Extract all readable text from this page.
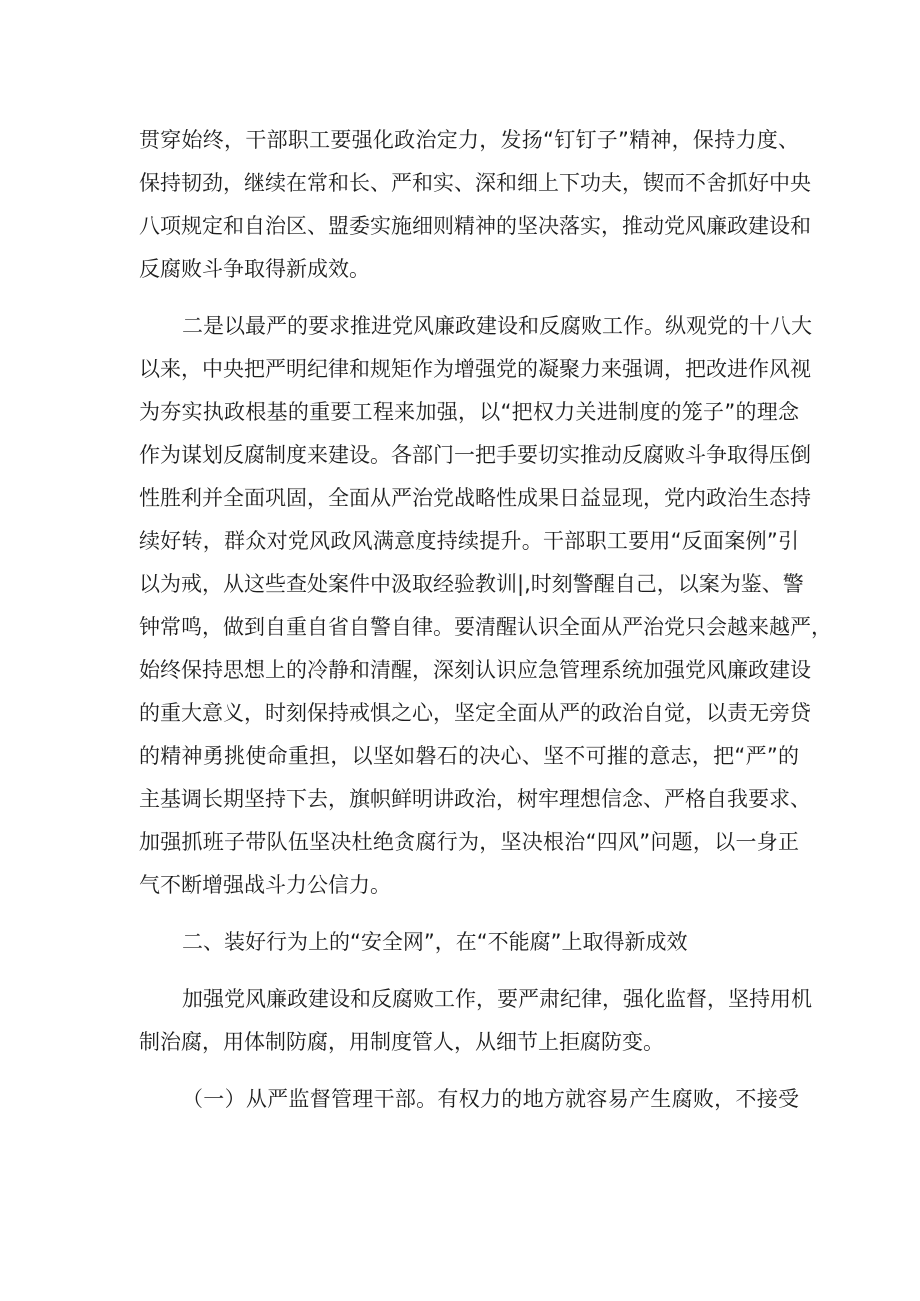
贯穿始终，干部职工要强化政治定力，发扬“钉钉子”精神，保持力度、
保持韧劲，继续在常和长、严和实、深和细上下功夫，锲而不舍抓好中央
八项规定和自治区、盟委实施细则精神的坚决落实，推动党风廉政建设和
反腐败斗争取得新成效。
二是以最严的要求推进党风廉政建设和反腐败工作。纵观党的十八大
以来，中央把严明纪律和规矩作为增强党的凝聚力来强调，把改进作风视
为夯实执政根基的重要工程来加强，以“把权力关进制度的笼子”的理念
作为谋划反腐制度来建设。各部门一把手要切实推动反腐败斗争取得压倒
性胜利并全面巩固，全面从严治党战略性成果日益显现，党内政治生态持
续好转，群众对党风政风满意度持续提升。干部职工要用“反面案例”引
以为戒，从这些查处案件中汲取经验教训|,时刻警醒自己，以案为鉴、警
钟常鸣，做到自重自省自警自律。要清醒认识全面从严治党只会越来越严，
始终保持思想上的冷静和清醒，深刻认识应急管理系统加强党风廉政建设
的重大意义，时刻保持戒惧之心，坚定全面从严的政治自觉，以责无旁贷
的精神勇挑使命重担，以坚如磐石的决心、坚不可摧的意志，把“严”的
主基调长期坚持下去，旗帜鲜明讲政治，树牢理想信念、严格自我要求、
加强抓班子带队伍坚决杜绝贪腐行为，坚决根治“四风”问题，以一身正
气不断增强战斗力公信力。
二、装好行为上的“安全网”，在“不能腐”上取得新成效
加强党风廉政建设和反腐败工作，要严肃纪律，强化监督，坚持用机
制治腐，用体制防腐，用制度管人，从细节上拒腐防变。
（一）从严监督管理干部。有权力的地方就容易产生腐败，不接受
